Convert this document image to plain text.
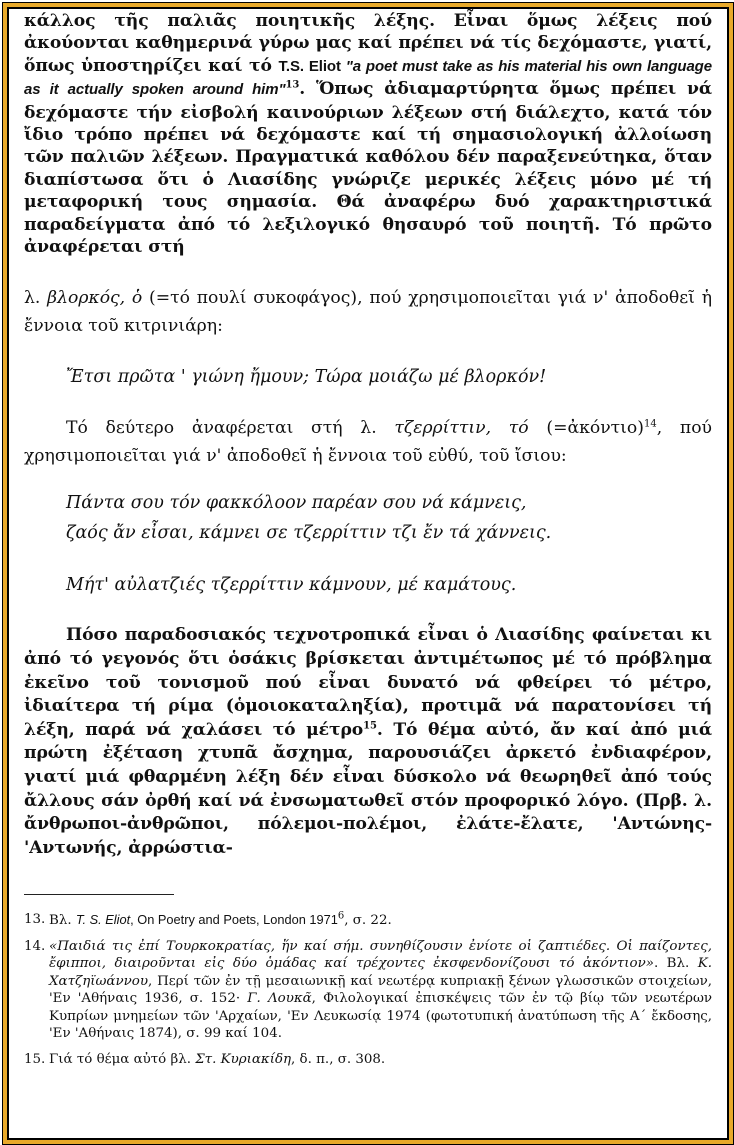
κάλλος τῆς παλιᾶς ποιητικῆς λέξης. Εἶναι ὅμως λέξεις πού ἀκούονται καθημερινά γύρω μας καί πρέπει νά τίς δεχόμαστε, γιατί, ὅπως ὑποστηρίζει καί τό T.S. Eliot "a poet must take as his material his own language as it actually spoken around him"$^{13}$. Ὅπως ἀδιαμαρτύρητα ὅμως πρέπει νά δεχόμαστε τήν εἰσβολή καινούριων λέξεων στή διάλεχτο, κατά τόν ἴδιο τρόπο πρέπει νά δεχόμαστε καί τή σημασιολογική ἀλλοίωση τῶν παλιῶν λέξεων. Πραγματικά καθόλου δέν παραξενεύτηκα, ὅταν διαπίστωσα ὅτι ὁ Λιασίδης γνώριζε μερικές λέξεις μόνο μέ τή μεταφορική τους σημασία. Θά ἀναφέρω δυό χαρακτηριστικά παραδείγματα ἀπό τό λεξιλογικό θησαυρό τοῦ ποιητῆ. Τό πρῶτο ἀναφέρεται στή

λ. βλορκός, ὁ (=τό πουλί συκοφάγος), πού χρησιμοποιεῖται γιά ν' ἀποδοθεῖ ἡ ἔννοια τοῦ κιτρινιάρη:

Ἔτσι πρῶτα ' γιώνη ἤμουν; Τώρα μοιάζω μέ βλορκόν!

Τό δεύτερο ἀναφέρεται στή λ. τζερρίττιν, τό (=ἀκόντιο)$^{14}$, πού χρησιμοποιεῖται γιά ν' ἀποδοθεῖ ἡ ἔννοια τοῦ εὐθύ, τοῦ ἴσιου:

Πάντα σου τόν φακκόλοον παρέαν σου νά κάμνεις,

ζαός ἄν εἶσαι, κάμνει σε τζερρίττιν τζι ἔν τά χάννεις.

Μήτ' αὐλατζιές τζερρίττιν κάμνουν, μέ καμάτους.

Πόσο παραδοσιακός τεχνοτροπικά εἶναι ὁ Λιασίδης φαίνεται κι ἀπό τό γεγονός ὅτι ὁσάκις βρίσκεται ἀντιμέτωπος μέ τό πρόβλημα ἐκεῖνο τοῦ τονισμοῦ πού εἶναι δυνατό νά φθείρει τό μέτρο, ἰδιαίτερα τή ρίμα (ὁμοιοκαταληξία), προτιμᾶ νά παρατονίσει τή λέξη, παρά νά χαλάσει τό μέτρο$^{15}$. Τό θέμα αὐτό, ἄν καί ἀπό μιά πρώτη ἐξέταση χτυπᾶ ἄσχημα, παρουσιάζει ἀρκετό ἐνδιαφέρον, γιατί μιά φθαρμένη λέξη δέν εἶναι δύσκολο νά θεωρηθεῖ ἀπό τούς ἄλλους σάν ὀρθή καί νά ἐνσωματωθεῖ στόν προφορικό λόγο. (Πρβ. λ. ἄνθρωποι-ἀνθρῶποι, πόλεμοι-πολέμοι, ἐλάτε-ἔλατε, 'Αντώνης-'Αντωνής, ἀρρώστια-

13. Βλ. T. S. Eliot, On Poetry and Poets, London 1971$^6$, σ. 22.
14. «Παιδιά τις ἐπί Τουρκοκρατίας, ἥν καί σήμ. συνηθίζουσιν ἐνίοτε οἱ ζαπτιέδες. Οἱ παίζοντες, ἔφιπποι, διαιροῦνται εἰς δύο ὁμάδας καί τρέχοντες ἐκσφενδονίζουσι τό ἀκόντιον». Βλ. Κ. Χατζηϊωάννου, Περί τῶν ἐν τῇ μεσαιωνικῇ καί νεωτέρᾳ κυπριακῇ ξένων γλωσσικῶν στοιχείων, 'Εν 'Αθήναις 1936, σ. 152· Γ. Λουκᾶ, Φιλολογικαί ἐπισκέψεις τῶν ἐν τῷ βίῳ τῶν νεωτέρων Κυπρίων μνημείων τῶν 'Αρχαίων, 'Εν Λευκωσίᾳ 1974 (φωτοτυπική ἀνατύπωση τῆς Α΄ ἔκδοσης, 'Εν 'Αθήναις 1874), σ. 99 καί 104.
15. Γιά τό θέμα αὐτό βλ. Στ. Κυριακίδη, δ. π., σ. 308.
